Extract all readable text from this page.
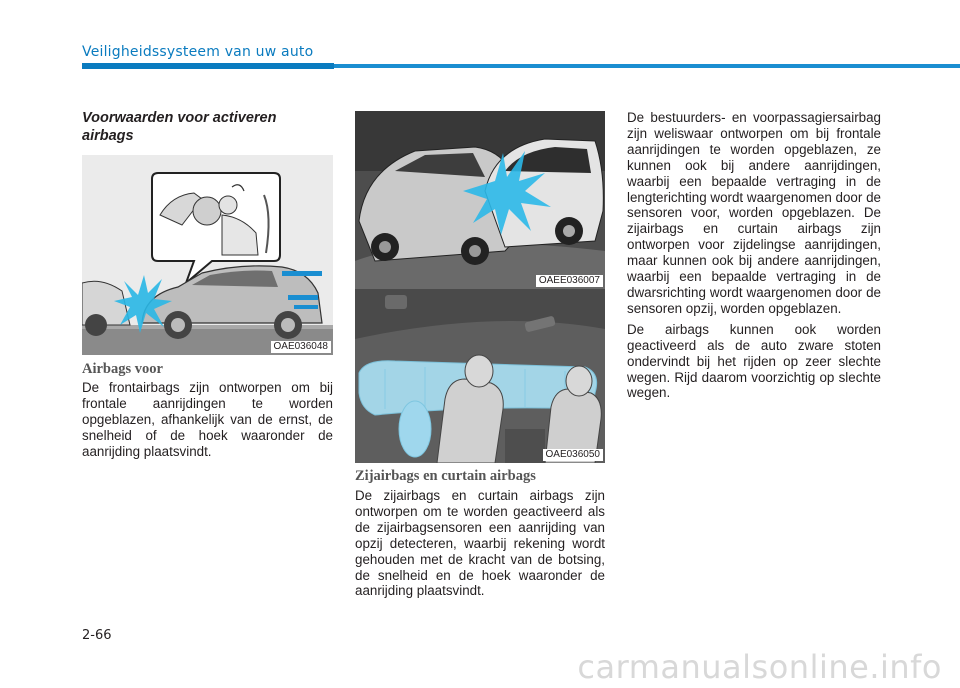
Veiligheidssysteem van uw auto
Voorwaarden voor activeren airbags
OAE036048
Airbags voor

De frontairbags zijn ontworpen om bij frontale aanrijdingen te worden opgeblazen, afhankelijk van de ernst, de snelheid of de hoek waaronder de aanrijding plaatsvindt.

OAEE036007
OAE036050
Zijairbags en curtain airbags

De zijairbags en curtain airbags zijn ontworpen om te worden geactiveerd als de zijairbagsensoren een aanrijding van opzij detecteren, waarbij rekening wordt gehouden met de kracht van de botsing, de snelheid en de hoek waaronder de aanrijding plaatsvindt.

De bestuurders- en voorpassagiersairbag zijn weliswaar ontworpen om bij frontale aanrijdingen te worden opgeblazen, ze kunnen ook bij andere aanrijdingen, waarbij een bepaalde vertraging in de lengterichting wordt waargenomen door de sensoren voor, worden opgeblazen. De zijairbags en curtain airbags zijn ontworpen voor zijdelingse aanrijdingen, maar kunnen ook bij andere aanrijdingen, waarbij een bepaalde vertraging in de dwarsrichting wordt waargenomen door de sensoren opzij, worden opgeblazen.

De airbags kunnen ook worden geactiveerd als de auto zware stoten ondervindt bij het rijden op zeer slechte wegen. Rijd daarom voorzichtig op slechte wegen.

2-66
carmanualsonline.info
